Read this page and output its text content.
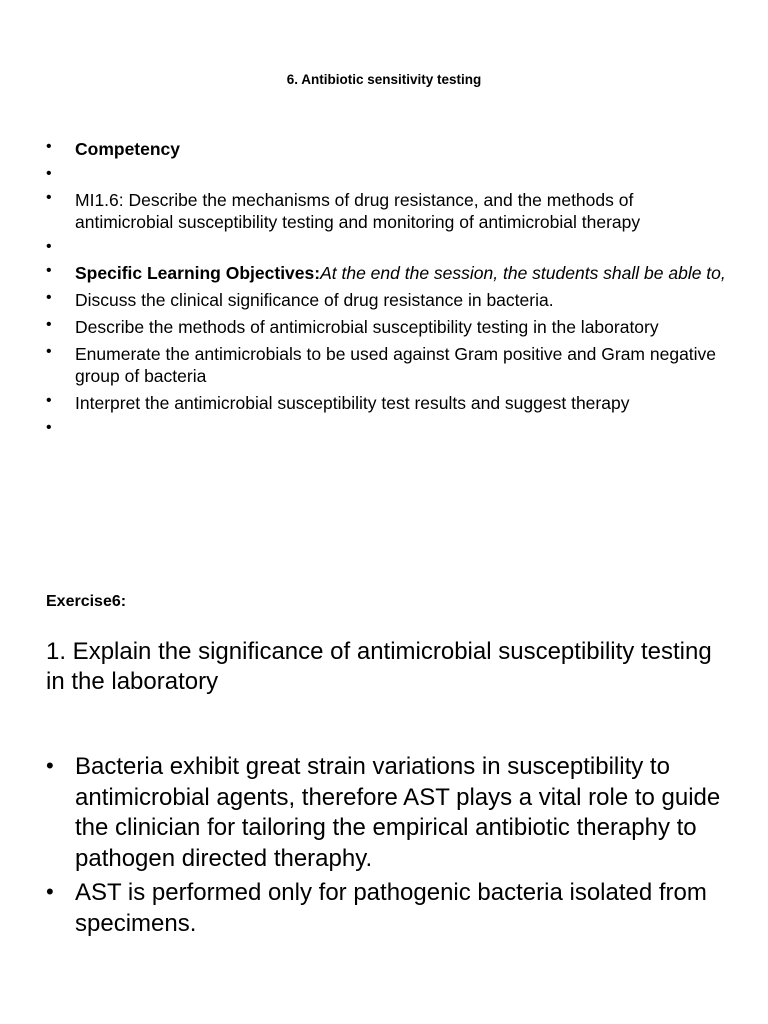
6. Antibiotic sensitivity testing
• Competency
•
• MI1.6: Describe the mechanisms of drug resistance, and the methods of antimicrobial susceptibility testing and monitoring of antimicrobial therapy
•
• Specific Learning Objectives:At the end the session, the students shall be able to,
• Discuss the clinical significance of drug resistance in bacteria.
• Describe the methods of antimicrobial susceptibility testing in the laboratory
• Enumerate the antimicrobials to be used against Gram positive and Gram negative group of bacteria
• Interpret the antimicrobial susceptibility test results and suggest therapy
•
Exercise6:
1. Explain the significance of antimicrobial susceptibility testing in the laboratory
• Bacteria exhibit great strain variations in susceptibility to antimicrobial agents, therefore AST plays a vital role to guide the clinician for tailoring the empirical antibiotic theraphy to pathogen directed theraphy.
• AST is performed only for pathogenic bacteria isolated from specimens.
